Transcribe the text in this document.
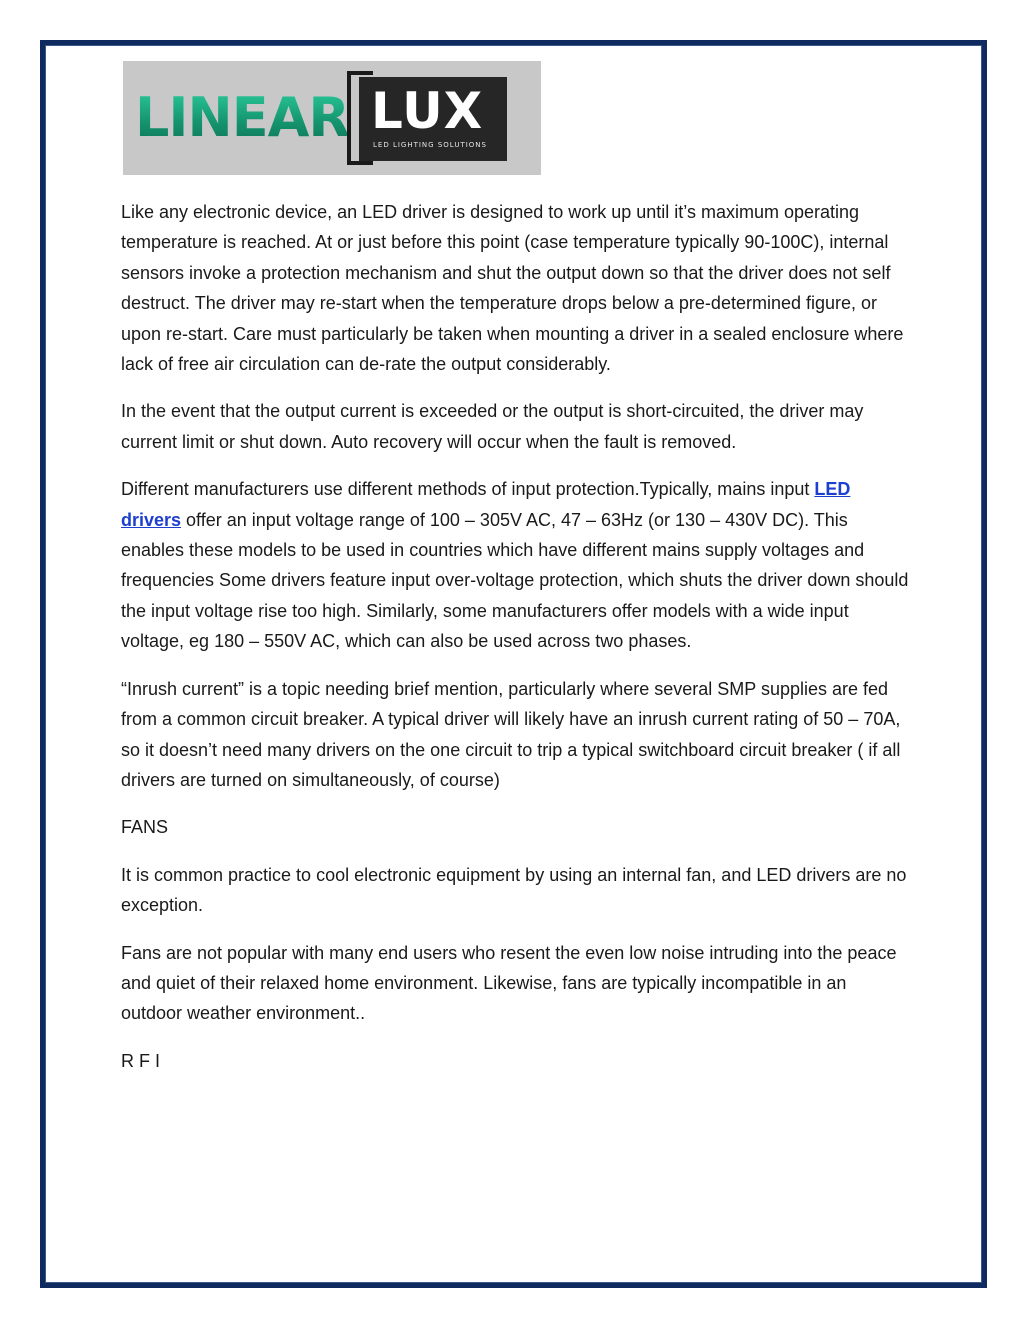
LINEAR LUX
LED LIGHTING SOLUTIONS

Like any electronic device, an LED driver is designed to work up until it’s maximum operating temperature is reached. At or just before this point (case temperature typically 90-100C), internal sensors invoke a protection mechanism and shut the output down so that the driver does not self destruct. The driver may re-start when the temperature drops below a pre-determined figure, or upon re-start. Care must particularly be taken when mounting a driver in a sealed enclosure where lack of free air circulation can de-rate the output considerably.

In the event that the output current is exceeded or the output is short-circuited, the driver may current limit or shut down. Auto recovery will occur when the fault is removed.

Different manufacturers use different methods of input protection.Typically, mains input LED drivers offer an input voltage range of 100 – 305V AC, 47 – 63Hz (or 130 – 430V DC). This enables these models to be used in countries which have different mains supply voltages and frequencies Some drivers feature input over-voltage protection, which shuts the driver down should the input voltage rise too high. Similarly, some manufacturers offer models with a wide input voltage, eg 180 – 550V AC, which can also be used across two phases.

“Inrush current” is a topic needing brief mention, particularly where several SMP supplies are fed from a common circuit breaker. A typical driver will likely have an inrush current rating of 50 – 70A, so it doesn’t need many drivers on the one circuit to trip a typical switchboard circuit breaker ( if all drivers are turned on simultaneously, of course)

FANS

It is common practice to cool electronic equipment by using an internal fan, and LED drivers are no exception.

Fans are not popular with many end users who resent the even low noise intruding into the peace and quiet of their relaxed home environment. Likewise, fans are typically incompatible in an outdoor weather environment..

R F I
